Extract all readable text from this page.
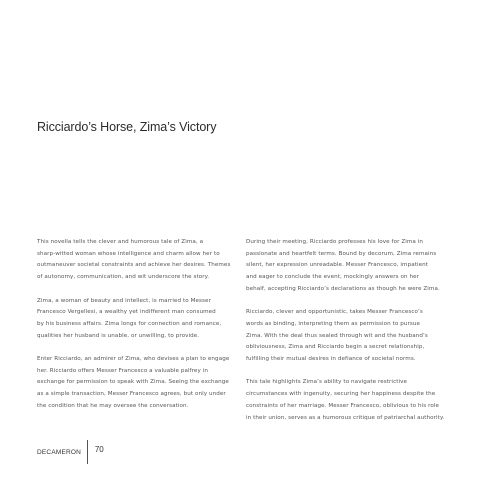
Ricciardo’s Horse, Zima’s Victory

This novella tells the clever and humorous tale of Zima, a
sharp-witted woman whose intelligence and charm allow her to
outmaneuver societal constraints and achieve her desires. Themes
of autonomy, communication, and wit underscore the story.

Zima, a woman of beauty and intellect, is married to Messer
Francesco Vergellesi, a wealthy yet indifferent man consumed
by his business affairs. Zima longs for connection and romance,
qualities her husband is unable, or unwilling, to provide.

Enter Ricciardo, an admirer of Zima, who devises a plan to engage
her. Ricciardo offers Messer Francesco a valuable palfrey in
exchange for permission to speak with Zima. Seeing the exchange
as a simple transaction, Messer Francesco agrees, but only under
the condition that he may oversee the conversation.

During their meeting, Ricciardo professes his love for Zima in
passionate and heartfelt terms. Bound by decorum, Zima remains
silent, her expression unreadable. Messer Francesco, impatient
and eager to conclude the event, mockingly answers on her
behalf, accepting Ricciardo’s declarations as though he were Zima.

Ricciardo, clever and opportunistic, takes Messer Francesco’s
words as binding, interpreting them as permission to pursue
Zima. With the deal thus sealed through wit and the husband’s
obliviousness, Zima and Ricciardo begin a secret relationship,
fulfilling their mutual desires in defiance of societal norms.

This tale highlights Zima’s ability to navigate restrictive
circumstances with ingenuity, securing her happiness despite the
constraints of her marriage. Messer Francesco, oblivious to his role
in their union, serves as a humorous critique of patriarchal authority.

DECAMERON 70
